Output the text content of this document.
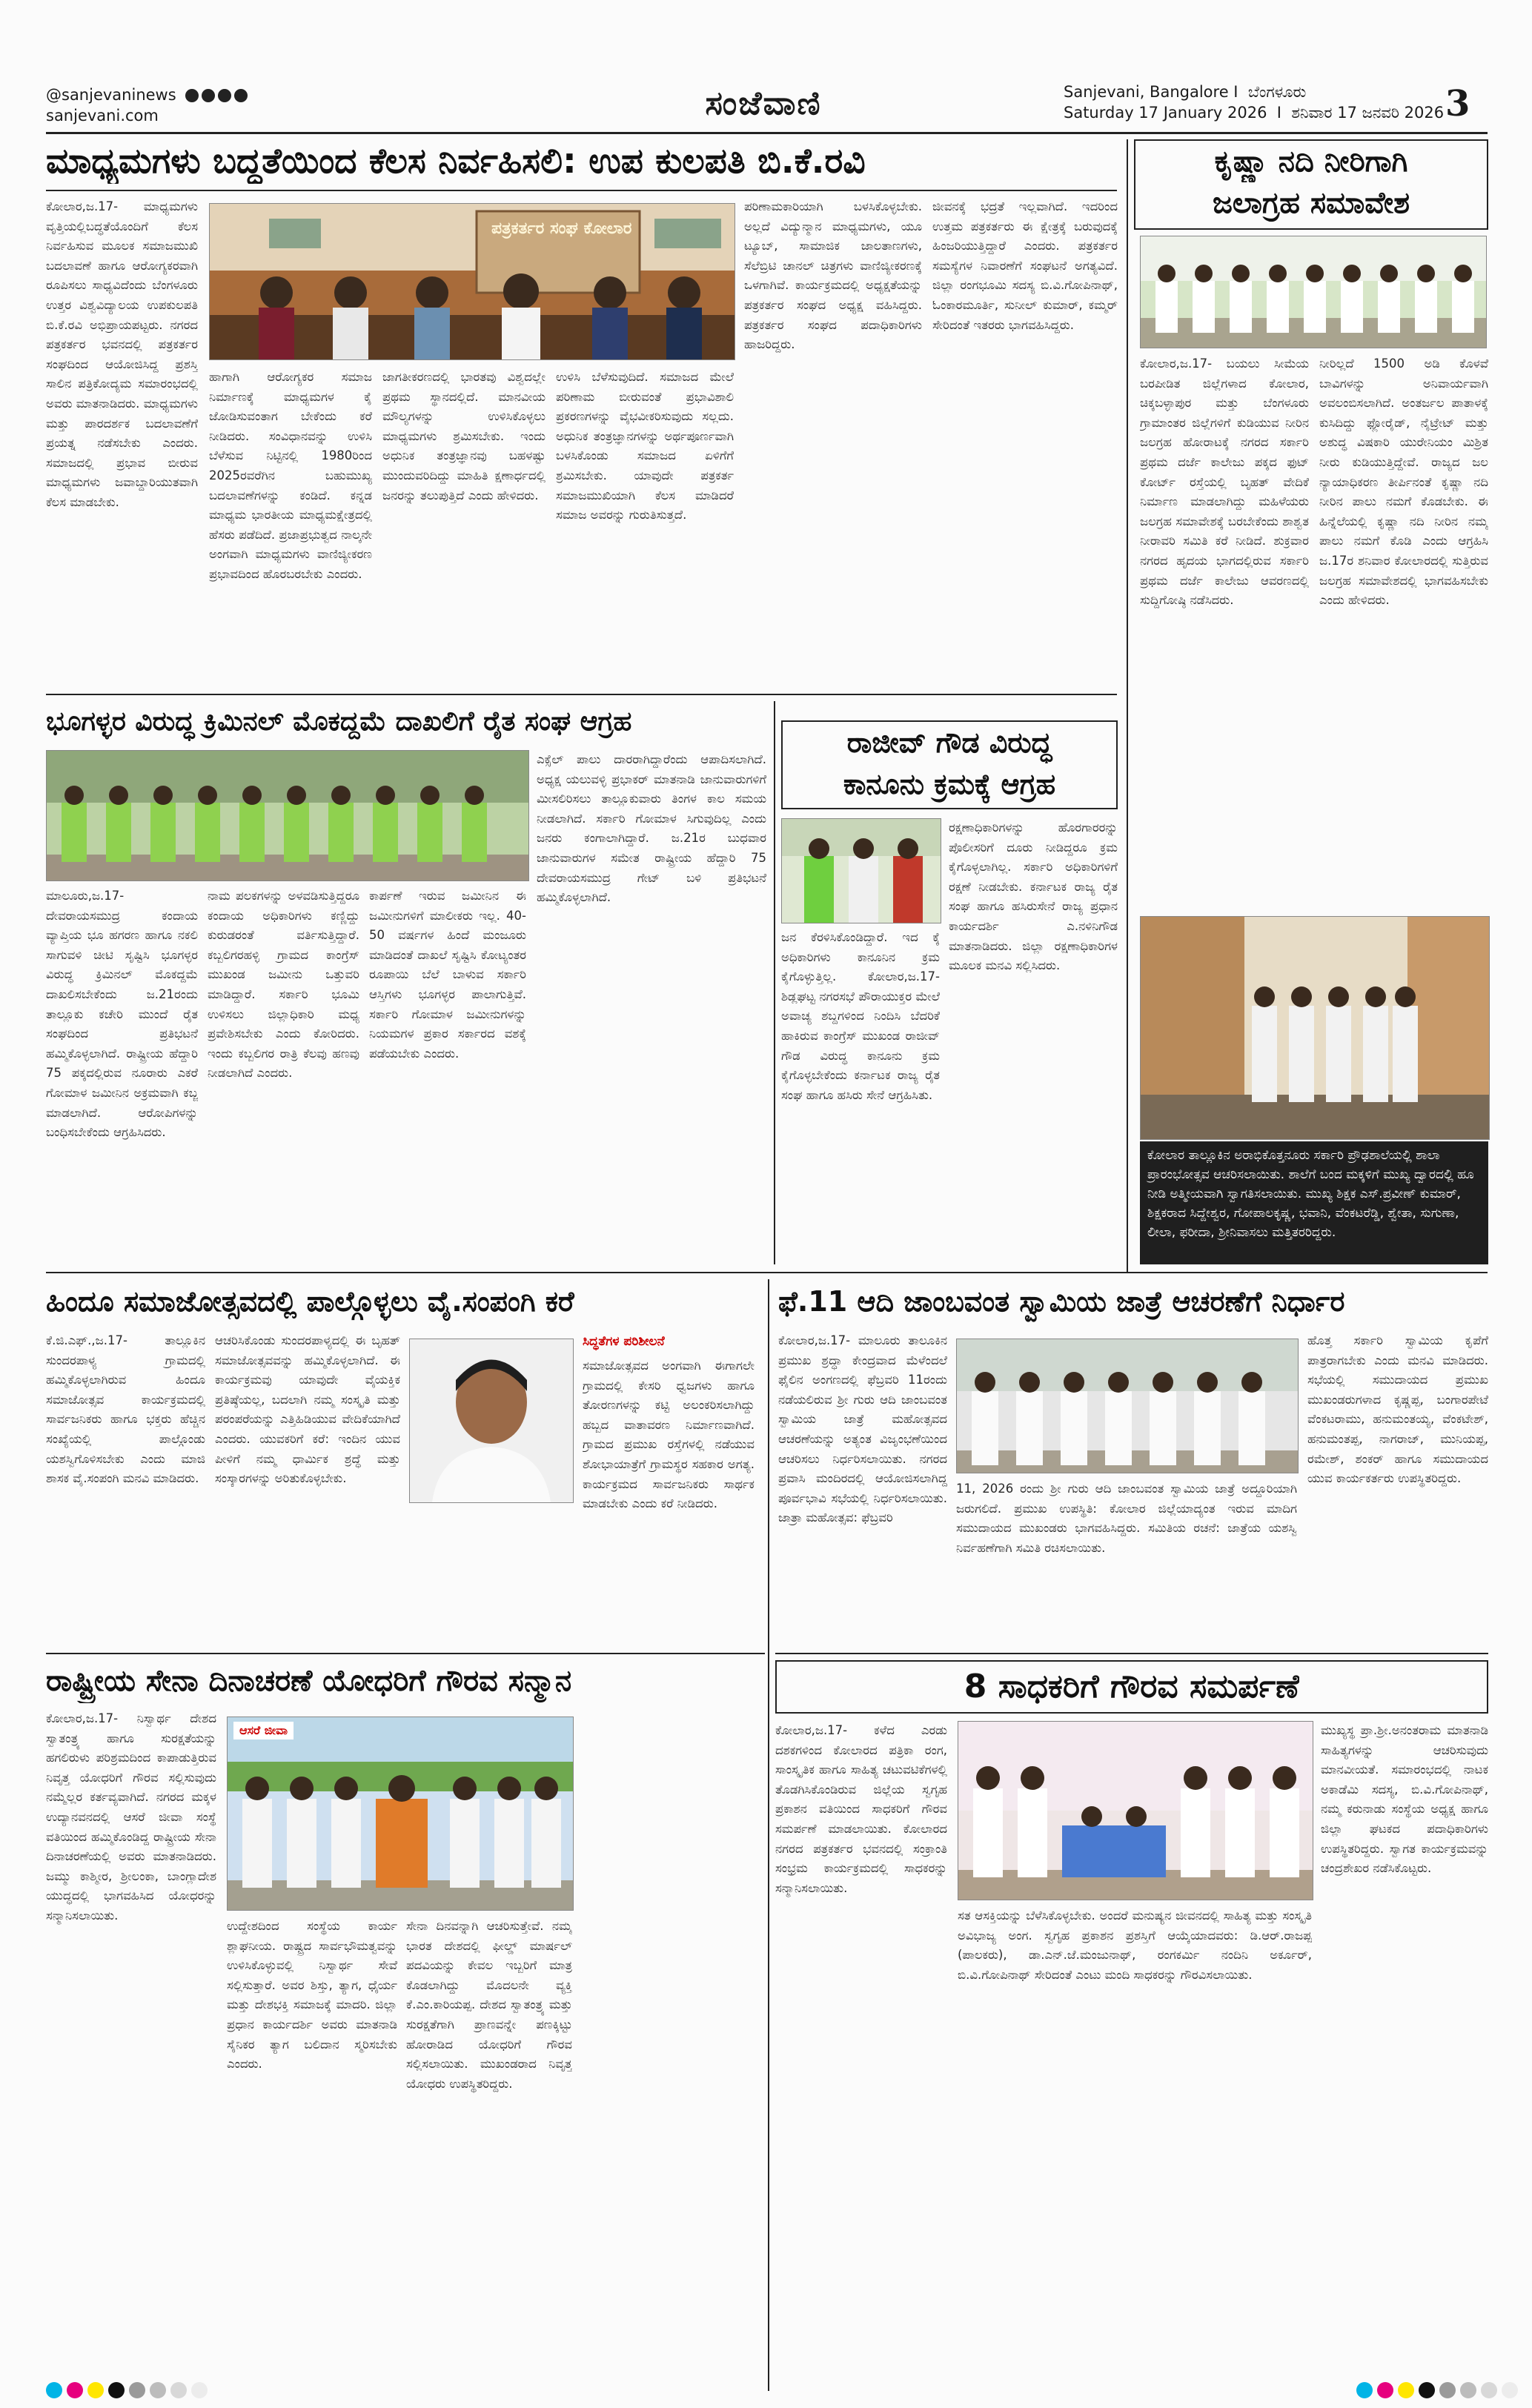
@sanjevaninews
sanjevani.com	ಸಂಜೆವಾಣಿ	Sanjevani, Bangalore I ಬೆಂಗಳೂರು
Saturday 17 January 2026  I  ಶನಿವಾರ 17 ಜನವರಿ 2026 3
ಮಾಧ್ಯಮಗಳು ಬದ್ಧತೆಯಿಂದ ಕೆಲಸ ನಿರ್ವಹಿಸಲಿ: ಉಪ ಕುಲಪತಿ ಬಿ.ಕೆ.ರವಿ
ಕೋಲಾರ,ಜ.17- ಮಾಧ್ಯಮಗಳು ವೃತ್ತಿಯಲ್ಲಿಬದ್ಧತೆಯೊಂದಿಗೆ ಕೆಲಸ ನಿರ್ವಹಿಸುವ ಮೂಲಕ ಸಮಾಜಮುಖಿ ಬದಲಾವಣೆ ಹಾಗೂ ಆರೋಗ್ಯಕರವಾಗಿ ರೂಪಿಸಲು ಸಾಧ್ಯವಿದೆಂದು ಬೆಂಗಳೂರು ಉತ್ತರ ವಿಶ್ವವಿದ್ಯಾಲಯ ಉಪಕುಲಪತಿ ಬಿ.ಕೆ.ರವಿ ಅಭಿಪ್ರಾಯಪಟ್ಟರು. ನಗರದ ಪತ್ರಕರ್ತರ ಭವನದಲ್ಲಿ ಪತ್ರಕರ್ತರ ಸಂಘದಿಂದ ಆಯೋಜಿಸಿದ್ದ ಪ್ರಶಸ್ತಿ ಸಾಲಿನ ಪತ್ರಿಕೋದ್ಯಮ ಸಮಾರಂಭದಲ್ಲಿ ಅವರು ಮಾತನಾಡಿದರು. ಮಾಧ್ಯಮಗಳು ಮತ್ತು ಪಾರದರ್ಶಕ ಬದಲಾವಣೆಗೆ ಪ್ರಯತ್ನ ನಡೆಸಬೇಕು ಎಂದರು. ಸಮಾಜದಲ್ಲಿ ಪ್ರಭಾವ ಬೀರುವ ಮಾಧ್ಯಮಗಳು ಜವಾಬ್ದಾರಿಯುತವಾಗಿ ಕೆಲಸ ಮಾಡಬೇಕು.
ಪತ್ರಕರ್ತರ ಸಂಘ ಕೋಲಾರ
ಹಾಗಾಗಿ ಆರೋಗ್ಯಕರ ಸಮಾಜ ನಿರ್ಮಾಣಕ್ಕೆ ಮಾಧ್ಯಮಗಳ ಕೈ ಜೋಡಿಸುವಂತಾಗ ಬೇಕೆಂದು ಕರೆ ನೀಡಿದರು. ಸಂವಿಧಾನವನ್ನು ಉಳಿಸಿ ಬೆಳೆಸುವ ನಿಟ್ಟಿನಲ್ಲಿ 1980ರಿಂದ 2025ರವರೆಗಿನ ಬಹುಮುಖ್ಯ ಬದಲಾವಣೆಗಳನ್ನು ಕಂಡಿದೆ. ಕನ್ನಡ ಮಾಧ್ಯಮ ಭಾರತೀಯ ಮಾಧ್ಯಮಕ್ಷೇತ್ರದಲ್ಲಿ ಹೆಸರು ಪಡೆದಿದೆ. ಪ್ರಜಾಪ್ರಭುತ್ವದ ನಾಲ್ಕನೇ ಅಂಗವಾಗಿ ಮಾಧ್ಯಮಗಳು ವಾಣಿಜ್ಯೀಕರಣ ಪ್ರಭಾವದಿಂದ ಹೊರಬರಬೇಕು ಎಂದರು.
ಜಾಗತೀಕರಣದಲ್ಲಿ ಭಾರತವು ವಿಶ್ವದಲ್ಲೇ ಪ್ರಥಮ ಸ್ಥಾನದಲ್ಲಿದೆ. ಮಾನವೀಯ ಮೌಲ್ಯಗಳನ್ನು ಉಳಿಸಿಕೊಳ್ಳಲು ಮಾಧ್ಯಮಗಳು ಶ್ರಮಿಸಬೇಕು. ಇಂದು ಅಧುನಿಕ ತಂತ್ರಜ್ಞಾನವು ಬಹಳಷ್ಟು ಮುಂದುವರಿದಿದ್ದು ಮಾಹಿತಿ ಕ್ಷಣಾರ್ಧದಲ್ಲಿ ಜನರನ್ನು ತಲುಪುತ್ತಿದೆ ಎಂದು ಹೇಳಿದರು.
ಉಳಿಸಿ ಬೆಳೆಸುವುದಿದೆ. ಸಮಾಜದ ಮೇಲೆ ಪರಿಣಾಮ ಬೀರುವಂತೆ ಪ್ರಭಾವಿಶಾಲಿ ಪ್ರಕರಣಗಳನ್ನು ವೈಭವೀಕರಿಸುವುದು ಸಲ್ಲದು. ಅಧುನಿಕ ತಂತ್ರಜ್ಞಾನಗಳನ್ನು ಅರ್ಥಪೂರ್ಣವಾಗಿ ಬಳಸಿಕೊಂಡು ಸಮಾಜದ ಏಳಿಗೆಗೆ ಶ್ರಮಿಸಬೇಕು. ಯಾವುದೇ ಪತ್ರಕರ್ತ ಸಮಾಜಮುಖಿಯಾಗಿ ಕೆಲಸ ಮಾಡಿದರೆ ಸಮಾಜ ಅವರನ್ನು ಗುರುತಿಸುತ್ತದೆ.
ಪರಿಣಾಮಕಾರಿಯಾಗಿ ಬಳಸಿಕೊಳ್ಳಬೇಕು. ಅಲ್ಲದೆ ವಿದ್ಯುನ್ಮಾನ ಮಾಧ್ಯಮಗಳು, ಯೂ ಟ್ಯೂಬ್, ಸಾಮಾಜಿಕ ಜಾಲತಾಣಗಳು, ಸೆಲೆಬ್ರಿಟಿ ಚಾನಲ್ ಚಿತ್ರಗಳು ವಾಣಿಜ್ಯೀಕರಣಕ್ಕೆ ಒಳಗಾಗಿವೆ. ಕಾರ್ಯಕ್ರಮದಲ್ಲಿ ಅಧ್ಯಕ್ಷತೆಯನ್ನು ಪತ್ರಕರ್ತರ ಸಂಘದ ಅಧ್ಯಕ್ಷ ವಹಿಸಿದ್ದರು. ಪತ್ರಕರ್ತರ ಸಂಘದ ಪದಾಧಿಕಾರಿಗಳು ಹಾಜರಿದ್ದರು.
ಜೀವನಕ್ಕೆ ಭದ್ರತೆ ಇಲ್ಲವಾಗಿದೆ. ಇದರಿಂದ ಉತ್ತಮ ಪತ್ರಕರ್ತರು ಈ ಕ್ಷೇತ್ರಕ್ಕೆ ಬರುವುದಕ್ಕೆ ಹಿಂಜರಿಯುತ್ತಿದ್ದಾರೆ ಎಂದರು. ಪತ್ರಕರ್ತರ ಸಮಸ್ಯೆಗಳ ನಿವಾರಣೆಗೆ ಸಂಘಟನೆ ಅಗತ್ಯವಿದೆ. ಜಿಲ್ಲಾ ರಂಗಭೂಮಿ ಸದಸ್ಯ ಬಿ.ವಿ.ಗೋಪಿನಾಥ್, ಓಂಕಾರಮೂರ್ತಿ, ಸುನೀಲ್ ಕುಮಾರ್, ಕಮ್ಮರ್ ಸೇರಿದಂತೆ ಇತರರು ಭಾಗವಹಿಸಿದ್ದರು.
ಕೃಷ್ಣಾ ನದಿ ನೀರಿಗಾಗಿ
ಜಲಾಗ್ರಹ ಸಮಾವೇಶ
ಕೋಲಾರ,ಜ.17- ಬಯಲು ಸೀಮೆಯ ಬರಪೀಡಿತ ಜಿಲ್ಲೆಗಳಾದ ಕೋಲಾರ, ಚಿಕ್ಕಬಳ್ಳಾಪುರ ಮತ್ತು ಬೆಂಗಳೂರು ಗ್ರಾಮಾಂತರ ಜಿಲ್ಲೆಗಳಿಗೆ ಕುಡಿಯುವ ನೀರಿನ ಜಲಗ್ರಹ ಹೋರಾಟಕ್ಕೆ ನಗರದ ಸರ್ಕಾರಿ ಪ್ರಥಮ ದರ್ಜೆ ಕಾಲೇಜು ಪಕ್ಕದ ಫುಟ್ ಕೋರ್ಟ್ ರಸ್ತೆಯಲ್ಲಿ ಬೃಹತ್ ವೇದಿಕೆ ನಿರ್ಮಾಣ ಮಾಡಲಾಗಿದ್ದು ಮಹಿಳೆಯರು ಜಲಗ್ರಹ ಸಮಾವೇಶಕ್ಕೆ ಬರಬೇಕೆಂದು ಶಾಶ್ವತ ನೀರಾವರಿ ಸಮಿತಿ ಕರೆ ನೀಡಿದೆ. ಶುಕ್ರವಾರ ನಗರದ ಹೃದಯ ಭಾಗದಲ್ಲಿರುವ ಸರ್ಕಾರಿ ಪ್ರಥಮ ದರ್ಜೆ ಕಾಲೇಜು ಆವರಣದಲ್ಲಿ ಸುದ್ದಿಗೋಷ್ಠಿ ನಡೆಸಿದರು.
ನೀರಿಲ್ಲದೆ 1500 ಅಡಿ ಕೊಳವೆ ಬಾವಿಗಳನ್ನು ಅನಿವಾರ್ಯವಾಗಿ ಅವಲಂಬಿಸಲಾಗಿದೆ. ಅಂತರ್ಜಲ ಪಾತಾಳಕ್ಕೆ ಕುಸಿದಿದ್ದು ಫ್ಲೋರೈಡ್, ನೈಟ್ರೇಟ್ ಮತ್ತು ಅಶುದ್ಧ ವಿಷಕಾರಿ ಯುರೇನಿಯಂ ಮಿಶ್ರಿತ ನೀರು ಕುಡಿಯುತ್ತಿದ್ದೇವೆ. ರಾಜ್ಯದ ಜಲ ನ್ಯಾಯಾಧಿಕರಣ ತೀರ್ಪಿನಂತೆ ಕೃಷ್ಣಾ ನದಿ ನೀರಿನ ಪಾಲು ನಮಗೆ ಕೊಡಬೇಕು. ಈ ಹಿನ್ನೆಲೆಯಲ್ಲಿ ಕೃಷ್ಣಾ ನದಿ ನೀರಿನ ನಮ್ಮ ಪಾಲು ನಮಗೆ ಕೊಡಿ ಎಂದು ಆಗ್ರಹಿಸಿ ಜ.17ರ ಶನಿವಾರ ಕೋಲಾರದಲ್ಲಿ ಸುತ್ತಿರುವ ಜಲಗ್ರಹ ಸಮಾವೇಶದಲ್ಲಿ ಭಾಗವಹಿಸಬೇಕು ಎಂದು ಹೇಳಿದರು.
ಭೂಗಳ್ಳರ ವಿರುದ್ಧ ಕ್ರಿಮಿನಲ್ ಮೊಕದ್ದಮೆ ದಾಖಲಿಗೆ ರೈತ ಸಂಘ ಆಗ್ರಹ
ಮಾಲೂರು,ಜ.17- ದೇವರಾಯಸಮುದ್ರ ಕಂದಾಯ ವ್ಯಾಪ್ತಿಯ ಭೂ ಹಗರಣ ಹಾಗೂ ನಕಲಿ ಸಾಗುವಳಿ ಚೀಟಿ ಸೃಷ್ಟಿಸಿ ಭೂಗಳ್ಳರ ವಿರುದ್ಧ ಕ್ರಿಮಿನಲ್ ಮೊಕದ್ದಮೆ ದಾಖಲಿಸಬೇಕೆಂದು ಜ.21ರಂದು ತಾಲ್ಲೂಕು ಕಚೇರಿ ಮುಂದೆ ರೈತ ಸಂಘದಿಂದ ಪ್ರತಿಭಟನೆ ಹಮ್ಮಿಕೊಳ್ಳಲಾಗಿದೆ. ರಾಷ್ಟ್ರೀಯ ಹೆದ್ದಾರಿ 75 ಪಕ್ಕದಲ್ಲಿರುವ ನೂರಾರು ಎಕರೆ ಗೋಮಾಳ ಜಮೀನಿನ ಅಕ್ರಮವಾಗಿ ಕಬ್ಜ ಮಾಡಲಾಗಿದೆ. ಆರೋಪಿಗಳನ್ನು ಬಂಧಿಸಬೇಕೆಂದು ಆಗ್ರಹಿಸಿದರು.
ನಾಮ ಪಲಕಗಳನ್ನು ಅಳವಡಿಸುತ್ತಿದ್ದರೂ ಕಂದಾಯ ಅಧಿಕಾರಿಗಳು ಕಣ್ಣಿದ್ದು ಕುರುಡರಂತೆ ವರ್ತಿಸುತ್ತಿದ್ದಾರೆ. ಕಬ್ಬಲಿಗರಹಳ್ಳಿ ಗ್ರಾಮದ ಕಾಂಗ್ರೆಸ್ ಮುಖಂಡ ಜಮೀನು ಒತ್ತುವರಿ ಮಾಡಿದ್ದಾರೆ. ಸರ್ಕಾರಿ ಭೂಮಿ ಉಳಿಸಲು ಜಿಲ್ಲಾಧಿಕಾರಿ ಮಧ್ಯ ಪ್ರವೇಶಿಸಬೇಕು ಎಂದು ಕೋರಿದರು. ಇಂದು ಕಬ್ಬಲಿಗರ ರಾತ್ರಿ ಕೆಲವು ಹಣವು ನೀಡಲಾಗಿದೆ ಎಂದರು.
ಕಾರ್ಪಣೆ ಇರುವ ಜಮೀನಿನ ಈ ಜಮೀನುಗಳಿಗೆ ಮಾಲೀಕರು ಇಲ್ಲ. 40-50 ವರ್ಷಗಳ ಹಿಂದೆ ಮಂಜೂರು ಮಾಡಿದಂತೆ ದಾಖಲೆ ಸೃಷ್ಟಿಸಿ ಕೋಟ್ಯಂತರ ರೂಪಾಯಿ ಬೆಲೆ ಬಾಳುವ ಸರ್ಕಾರಿ ಆಸ್ತಿಗಳು ಭೂಗಳ್ಳರ ಪಾಲಾಗುತ್ತಿವೆ. ಸರ್ಕಾರಿ ಗೋಮಾಳ ಜಮೀನುಗಳನ್ನು ನಿಯಮಗಳ ಪ್ರಕಾರ ಸರ್ಕಾರದ ವಶಕ್ಕೆ ಪಡೆಯಬೇಕು ಎಂದರು.
ಎಕ್ಸೆಲ್ ಪಾಲು ದಾರರಾಗಿದ್ದಾರೆಂದು ಆಪಾದಿಸಲಾಗಿದೆ. ಅಧ್ಯಕ್ಷ ಯಲುವಳ್ಳಿ ಪ್ರಭಾಕರ್ ಮಾತನಾಡಿ ಜಾನುವಾರುಗಳಿಗೆ ಮೀಸಲಿರಿಸಲು ತಾಲ್ಲೂಕುವಾರು ತಿಂಗಳ ಕಾಲ ಸಮಯ ನೀಡಲಾಗಿದೆ. ಸರ್ಕಾರಿ ಗೋಮಾಳ ಸಿಗುವುದಿಲ್ಲ ಎಂದು ಜನರು ಕಂಗಾಲಾಗಿದ್ದಾರೆ. ಜ.21ರ ಬುಧವಾರ ಜಾನುವಾರುಗಳ ಸಮೇತ ರಾಷ್ಟ್ರೀಯ ಹೆದ್ದಾರಿ 75 ದೇವರಾಯಸಮುದ್ರ ಗೇಟ್ ಬಳಿ ಪ್ರತಿಭಟನೆ ಹಮ್ಮಿಕೊಳ್ಳಲಾಗಿದೆ.
ರಾಜೀವ್ ಗೌಡ ವಿರುದ್ಧ
ಕಾನೂನು ಕ್ರಮಕ್ಕೆ ಆಗ್ರಹ
ಜನ ಕೆರಳಿಸಿಕೊಂಡಿದ್ದಾರೆ. ಇದ ಕ್ಕೆ ಅಧಿಕಾರಿಗಳು ಕಾನೂನಿನ ಕ್ರಮ ಕೈಗೊಳ್ಳುತ್ತಿಲ್ಲ. ಕೋಲಾರ,ಜ.17- ಶಿಡ್ಲಘಟ್ಟ ನಗರಸಭೆ ಪೌರಾಯುಕ್ತರ ಮೇಲೆ ಅವಾಚ್ಯ ಶಬ್ದಗಳಿಂದ ನಿಂದಿಸಿ ಬೆದರಿಕೆ ಹಾಕಿರುವ ಕಾಂಗ್ರೆಸ್ ಮುಖಂಡ ರಾಜೀವ್ ಗೌಡ ವಿರುದ್ಧ ಕಾನೂನು ಕ್ರಮ ಕೈಗೊಳ್ಳಬೇಕೆಂದು ಕರ್ನಾಟಕ ರಾಜ್ಯ ರೈತ ಸಂಘ ಹಾಗೂ ಹಸಿರು ಸೇನೆ ಆಗ್ರಹಿಸಿತು.
ರಕ್ಷಣಾಧಿಕಾರಿಗಳನ್ನು ಹೊರಗಾರರನ್ನು ಪೊಲೀಸರಿಗೆ ದೂರು ನೀಡಿದ್ದರೂ ಕ್ರಮ ಕೈಗೊಳ್ಳಲಾಗಿಲ್ಲ. ಸರ್ಕಾರಿ ಅಧಿಕಾರಿಗಳಿಗೆ ರಕ್ಷಣೆ ನೀಡಬೇಕು. ಕರ್ನಾಟಕ ರಾಜ್ಯ ರೈತ ಸಂಘ ಹಾಗೂ ಹಸಿರುಸೇನೆ ರಾಜ್ಯ ಪ್ರಧಾನ ಕಾರ್ಯದರ್ಶಿ ಎ.ನಳಿನಿಗೌಡ ಮಾತನಾಡಿದರು. ಜಿಲ್ಲಾ ರಕ್ಷಣಾಧಿಕಾರಿಗಳ ಮೂಲಕ ಮನವಿ ಸಲ್ಲಿಸಿದರು.
ಕೋಲಾರ ತಾಲ್ಲೂಕಿನ ಅರಾಭಿಕೊತ್ತನೂರು ಸರ್ಕಾರಿ ಪ್ರೌಢಶಾಲೆಯಲ್ಲಿ ಶಾಲಾ ಪ್ರಾರಂಭೋತ್ಸವ ಆಚರಿಸಲಾಯಿತು. ಶಾಲೆಗೆ ಬಂದ ಮಕ್ಕಳಿಗೆ ಮುಖ್ಯ ದ್ವಾರದಲ್ಲಿ ಹೂ ನೀಡಿ ಅತ್ಮೀಯವಾಗಿ ಸ್ವಾಗತಿಸಲಾಯಿತು. ಮುಖ್ಯ ಶಿಕ್ಷಕ ಎಸ್.ಪ್ರವೀಣ್ ಕುಮಾರ್, ಶಿಕ್ಷಕರಾದ ಸಿದ್ದೇಶ್ವರ, ಗೋಪಾಲಕೃಷ್ಣ, ಭವಾನಿ, ವೆಂಕಟರೆಡ್ಡಿ, ಶ್ವೇತಾ, ಸುಗುಣಾ, ಲೀಲಾ, ಫರೀದಾ, ಶ್ರೀನಿವಾಸಲು ಮತ್ತಿತರರಿದ್ದರು.
ಹಿಂದೂ ಸಮಾಜೋತ್ಸವದಲ್ಲಿ ಪಾಲ್ಗೊಳ್ಳಲು ವೈ.ಸಂಪಂಗಿ ಕರೆ
ಕೆ.ಜಿ.ಎಫ್.,ಜ.17- ತಾಲ್ಲೂಕಿನ ಸುಂದರಪಾಳ್ಯ ಗ್ರಾಮದಲ್ಲಿ ಹಮ್ಮಿಕೊಳ್ಳಲಾಗಿರುವ ಹಿಂದೂ ಸಮಾಜೋತ್ಸವ ಕಾರ್ಯಕ್ರಮದಲ್ಲಿ ಸಾರ್ವಜನಿಕರು ಹಾಗೂ ಭಕ್ತರು ಹೆಚ್ಚಿನ ಸಂಖ್ಯೆಯಲ್ಲಿ ಪಾಲ್ಗೊಂಡು ಯಶಸ್ವಿಗೊಳಿಸಬೇಕು ಎಂದು ಮಾಜಿ ಶಾಸಕ ವೈ.ಸಂಪಂಗಿ ಮನವಿ ಮಾಡಿದರು.
ಆಚರಿಸಿಕೊಂಡು ಸುಂದರಪಾಳ್ಯದಲ್ಲಿ ಈ ಬೃಹತ್ ಸಮಾಜೋತ್ಸವವನ್ನು ಹಮ್ಮಿಕೊಳ್ಳಲಾಗಿದೆ. ಈ ಕಾರ್ಯಕ್ರಮವು ಯಾವುದೇ ವೈಯಕ್ತಿಕ ಪ್ರತಿಷ್ಠೆಯಲ್ಲ, ಬದಲಾಗಿ ನಮ್ಮ ಸಂಸ್ಕೃತಿ ಮತ್ತು ಪರಂಪರೆಯನ್ನು ಎತ್ತಿಹಿಡಿಯುವ ವೇದಿಕೆಯಾಗಿದೆ ಎಂದರು. ಯುವಕರಿಗೆ ಕರೆ: ಇಂದಿನ ಯುವ ಪೀಳಿಗೆ ನಮ್ಮ ಧಾರ್ಮಿಕ ಶ್ರದ್ಧೆ ಮತ್ತು ಸಂಸ್ಕಾರಗಳನ್ನು ಅರಿತುಕೊಳ್ಳಬೇಕು.
ಸಿದ್ಧತೆಗಳ ಪರಿಶೀಲನೆ
ಸಮಾಜೋತ್ಸವದ ಅಂಗವಾಗಿ ಈಗಾಗಲೇ ಗ್ರಾಮದಲ್ಲಿ ಕೇಸರಿ ಧ್ವಜಗಳು ಹಾಗೂ ತೋರಣಗಳನ್ನು ಕಟ್ಟಿ ಅಲಂಕರಿಸಲಾಗಿದ್ದು ಹಬ್ಬದ ವಾತಾವರಣ ನಿರ್ಮಾಣವಾಗಿದೆ. ಗ್ರಾಮದ ಪ್ರಮುಖ ರಸ್ತೆಗಳಲ್ಲಿ ನಡೆಯುವ ಶೋಭಾಯಾತ್ರೆಗೆ ಗ್ರಾಮಸ್ಥರ ಸಹಕಾರ ಅಗತ್ಯ. ಕಾರ್ಯಕ್ರಮದ ಸಾರ್ವಜನಿಕರು ಸಾರ್ಥಕ ಮಾಡಬೇಕು ಎಂದು ಕರೆ ನೀಡಿದರು.
ಫೆ.11 ಆದಿ ಜಾಂಬವಂತ ಸ್ವಾಮಿಯ ಜಾತ್ರೆ ಆಚರಣೆಗೆ ನಿರ್ಧಾರ
ಕೋಲಾರ,ಜ.17- ಮಾಲೂರು ತಾಲೂಕಿನ ಪ್ರಮುಖ ಶ್ರದ್ಧಾ ಕೇಂದ್ರವಾದ ಮೆಳೆಂದಲೆ ಫೈಲಿನ ಅಂಗಣದಲ್ಲಿ ಫೆಬ್ರವರಿ 11ರಂದು ನಡೆಯಲಿರುವ ಶ್ರೀ ಗುರು ಆದಿ ಜಾಂಬವಂತ ಸ್ವಾಮಿಯ ಜಾತ್ರೆ ಮಹೋತ್ಸವದ ಆಚರಣೆಯನ್ನು ಅತ್ಯಂತ ವಿಜೃಂಭಣೆಯಿಂದ ಆಚರಿಸಲು ನಿರ್ಧರಿಸಲಾಯಿತು. ನಗರದ ಪ್ರವಾಸಿ ಮಂದಿರದಲ್ಲಿ ಆಯೋಜಿಸಲಾಗಿದ್ದ ಪೂರ್ವಭಾವಿ ಸಭೆಯಲ್ಲಿ ನಿರ್ಧರಿಸಲಾಯಿತು. ಜಾತ್ರಾ ಮಹೋತ್ಸವ: ಫೆಬ್ರವರಿ
11, 2026 ರಂದು ಶ್ರೀ ಗುರು ಆದಿ ಜಾಂಬವಂತ ಸ್ವಾಮಿಯ ಜಾತ್ರೆ ಅದ್ದೂರಿಯಾಗಿ ಜರುಗಲಿದೆ. ಪ್ರಮುಖ ಉಪಸ್ಥಿತಿ: ಕೋಲಾರ ಜಿಲ್ಲೆಯಾದ್ಯಂತ ಇರುವ ಮಾದಿಗ ಸಮುದಾಯದ ಮುಖಂಡರು ಭಾಗವಹಿಸಿದ್ದರು. ಸಮಿತಿಯ ರಚನೆ: ಜಾತ್ರೆಯ ಯಶಸ್ವಿ ನಿರ್ವಹಣೆಗಾಗಿ ಸಮಿತಿ ರಚಿಸಲಾಯಿತು.
ಹೊತ್ತ ಸರ್ಕಾರಿ ಸ್ವಾಮಿಯ ಕೃಪೆಗೆ ಪಾತ್ರರಾಗಬೇಕು ಎಂದು ಮನವಿ ಮಾಡಿದರು. ಸಭೆಯಲ್ಲಿ ಸಮುದಾಯದ ಪ್ರಮುಖ ಮುಖಂಡರುಗಳಾದ ಕೃಷ್ಣಪ್ಪ, ಬಂಗಾರಪೇಟೆ ವೆಂಕಟರಾಮು, ಹನುಮಂತಯ್ಯ, ವೆಂಕಟೇಶ್, ಹನುಮಂತಪ್ಪ, ನಾಗರಾಜ್, ಮುನಿಯಪ್ಪ, ರಮೇಶ್, ಶಂಕರ್ ಹಾಗೂ ಸಮುದಾಯದ ಯುವ ಕಾರ್ಯಕರ್ತರು ಉಪಸ್ಥಿತರಿದ್ದರು.
ರಾಷ್ಟ್ರೀಯ ಸೇನಾ ದಿನಾಚರಣೆ ಯೋಧರಿಗೆ ಗೌರವ ಸನ್ಮಾನ
ಕೋಲಾರ,ಜ.17- ನಿಸ್ವಾರ್ಥ ದೇಶದ ಸ್ವಾತಂತ್ರ್ಯ ಹಾಗೂ ಸುರಕ್ಷತೆಯನ್ನು ಹಗಲಿರುಳು ಪರಿಶ್ರಮದಿಂದ ಕಾಪಾಡುತ್ತಿರುವ ನಿವೃತ್ತ ಯೋಧರಿಗೆ ಗೌರವ ಸಲ್ಲಿಸುವುದು ನಮ್ಮೆಲ್ಲರ ಕರ್ತವ್ಯವಾಗಿದೆ. ನಗರದ ಮಕ್ಕಳ ಉದ್ಯಾನವನದಲ್ಲಿ ಆಸರೆ ಜೀವಾ ಸಂಸ್ಥೆ ವತಿಯಿಂದ ಹಮ್ಮಿಕೊಂಡಿದ್ದ ರಾಷ್ಟ್ರೀಯ ಸೇನಾ ದಿನಾಚರಣೆಯಲ್ಲಿ ಅವರು ಮಾತನಾಡಿದರು. ಜಮ್ಮು ಕಾಶ್ಮೀರ, ಶ್ರೀಲಂಕಾ, ಬಾಂಗ್ಲಾದೇಶ ಯುದ್ಧದಲ್ಲಿ ಭಾಗವಹಿಸಿದ ಯೋಧರನ್ನು ಸನ್ಮಾನಿಸಲಾಯಿತು.
ಆಸರೆ ಜೀವಾ
ಉದ್ದೇಶದಿಂದ ಸಂಸ್ಥೆಯ ಕಾರ್ಯ ಶ್ಲಾಘನೀಯ. ರಾಷ್ಟ್ರದ ಸಾರ್ವಭೌಮತ್ವವನ್ನು ಉಳಿಸಿಕೊಳ್ಳುವಲ್ಲಿ ನಿಸ್ವಾರ್ಥ ಸೇವೆ ಸಲ್ಲಿಸುತ್ತಾರೆ. ಅವರ ಶಿಸ್ತು, ತ್ಯಾಗ, ಧೈರ್ಯ ಮತ್ತು ದೇಶಭಕ್ತಿ ಸಮಾಜಕ್ಕೆ ಮಾದರಿ. ಜಿಲ್ಲಾ ಪ್ರಧಾನ ಕಾರ್ಯದರ್ಶಿ ಅವರು ಮಾತನಾಡಿ ಸೈನಿಕರ ತ್ಯಾಗ ಬಲಿದಾನ ಸ್ಮರಿಸಬೇಕು ಎಂದರು.
ಸೇನಾ ದಿನವನ್ನಾಗಿ ಆಚರಿಸುತ್ತೇವೆ. ನಮ್ಮ ಭಾರತ ದೇಶದಲ್ಲಿ ಫೀಲ್ಡ್ ಮಾರ್ಷಲ್ ಪದವಿಯನ್ನು ಕೇವಲ ಇಬ್ಬರಿಗೆ ಮಾತ್ರ ಕೊಡಲಾಗಿದ್ದು ಮೊದಲನೇ ವ್ಯಕ್ತಿ ಕೆ.ಎಂ.ಕಾರಿಯಪ್ಪ. ದೇಶದ ಸ್ವಾತಂತ್ರ್ಯ ಮತ್ತು ಸುರಕ್ಷತೆಗಾಗಿ ಪ್ರಾಣವನ್ನೇ ಪಣಕ್ಕಿಟ್ಟು ಹೋರಾಡಿದ ಯೋಧರಿಗೆ ಗೌರವ ಸಲ್ಲಿಸಲಾಯಿತು. ಮುಖಂಡರಾದ ನಿವೃತ್ತ ಯೋಧರು ಉಪಸ್ಥಿತರಿದ್ದರು.
8 ಸಾಧಕರಿಗೆ ಗೌರವ ಸಮರ್ಪಣೆ
ಕೋಲಾರ,ಜ.17- ಕಳೆದ ಎರಡು ದಶಕಗಳಿಂದ ಕೋಲಾರದ ಪತ್ರಿಕಾ ರಂಗ, ಸಾಂಸ್ಕೃತಿಕ ಹಾಗೂ ಸಾಹಿತ್ಯ ಚಟುವಟಿಕೆಗಳಲ್ಲಿ ತೊಡಗಿಸಿಕೊಂಡಿರುವ ಜಿಲ್ಲೆಯ ಸ್ವಗೃಹ ಪ್ರಕಾಶನ ವತಿಯಿಂದ ಸಾಧಕರಿಗೆ ಗೌರವ ಸಮರ್ಪಣೆ ಮಾಡಲಾಯಿತು. ಕೋಲಾರದ ನಗರದ ಪತ್ರಕರ್ತರ ಭವನದಲ್ಲಿ ಸಂಕ್ರಾಂತಿ ಸಂಭ್ರಮ ಕಾರ್ಯಕ್ರಮದಲ್ಲಿ ಸಾಧಕರನ್ನು ಸನ್ಮಾನಿಸಲಾಯಿತು.
ಸತ ಆಸಕ್ತಿಯನ್ನು ಬೆಳೆಸಿಕೊಳ್ಳಬೇಕು. ಅಂದರೆ ಮನುಷ್ಯನ ಜೀವನದಲ್ಲಿ ಸಾಹಿತ್ಯ ಮತ್ತು ಸಂಸ್ಕೃತಿ ಅವಿಭಾಜ್ಯ ಅಂಗ. ಸ್ವಗೃಹ ಪ್ರಕಾಶನ ಪ್ರಶಸ್ತಿಗೆ ಆಯ್ಕೆಯಾದವರು: ಡಿ.ಆರ್.ರಾಜಪ್ಪ (ಪಾಲಕರು), ಡಾ.ಎನ್.ಜೆ.ಮಂಜುನಾಥ್, ರಂಗಕರ್ಮಿ ನಂದಿನಿ ಅರ್ಕೂರ್, ಬಿ.ವಿ.ಗೋಪಿನಾಥ್ ಸೇರಿದಂತೆ ಎಂಟು ಮಂದಿ ಸಾಧಕರನ್ನು ಗೌರವಿಸಲಾಯಿತು.
ಮುಖ್ಯಸ್ಥ ಪ್ರಾ.ಶ್ರೀ.ಅನಂತರಾಮ ಮಾತನಾಡಿ ಸಾಹಿತ್ಯಗಳನ್ನು ಆಚರಿಸುವುದು ಮಾನವೀಯತೆ. ಸಮಾರಂಭದಲ್ಲಿ ನಾಟಕ ಅಕಾಡೆಮಿ ಸದಸ್ಯ, ಬಿ.ವಿ.ಗೋಪಿನಾಥ್, ನಮ್ಮ ಕರುನಾಡು ಸಂಸ್ಥೆಯ ಅಧ್ಯಕ್ಷ ಹಾಗೂ ಜಿಲ್ಲಾ ಘಟಕದ ಪದಾಧಿಕಾರಿಗಳು ಉಪಸ್ಥಿತರಿದ್ದರು. ಸ್ವಾಗತ ಕಾರ್ಯಕ್ರಮವನ್ನು ಚಂದ್ರಶೇಖರ ನಡೆಸಿಕೊಟ್ಟರು.
